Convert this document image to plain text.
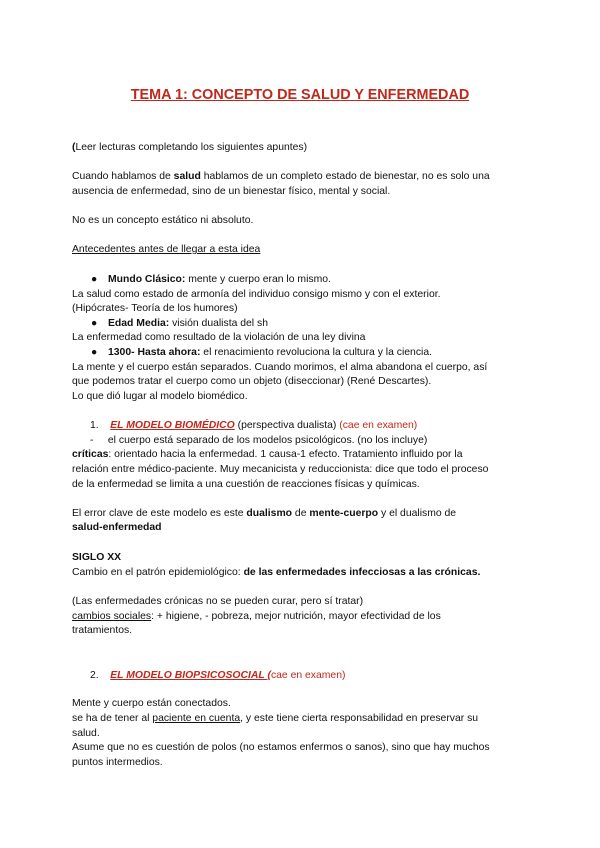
TEMA 1: CONCEPTO DE SALUD Y ENFERMEDAD
(Leer lecturas completando los siguientes apuntes)
Cuando hablamos de salud hablamos de un completo estado de bienestar, no es solo una
ausencia de enfermedad, sino de un bienestar físico, mental y social.
No es un concepto estático ni absoluto.
Antecedentes antes de llegar a esta idea
● Mundo Clásico: mente y cuerpo eran lo mismo.
La salud como estado de armonía del individuo consigo mismo y con el exterior.
(Hipócrates- Teoría de los humores)
● Edad Media: visión dualista del sh
La enfermedad como resultado de la violación de una ley divina
● 1300- Hasta ahora: el renacimiento revoluciona la cultura y la ciencia.
La mente y el cuerpo están separados. Cuando morimos, el alma abandona el cuerpo, así
que podemos tratar el cuerpo como un objeto (diseccionar) (René Descartes).
Lo que dió lugar al modelo biomédico.
1. EL MODELO BIOMÉDICO (perspectiva dualista) (cae en examen)
- el cuerpo está separado de los modelos psicológicos. (no los incluye)
críticas: orientado hacia la enfermedad. 1 causa-1 efecto. Tratamiento influido por la
relación entre médico-paciente. Muy mecanicista y reduccionista: dice que todo el proceso
de la enfermedad se limita a una cuestión de reacciones físicas y químicas.
El error clave de este modelo es este dualismo de mente-cuerpo y el dualismo de
salud-enfermedad
SIGLO XX
Cambio en el patrón epidemiológico: de las enfermedades infecciosas a las crónicas.
(Las enfermedades crónicas no se pueden curar, pero sí tratar)
cambios sociales: + higiene, - pobreza, mejor nutrición, mayor efectividad de los
tratamientos.
2. EL MODELO BIOPSICOSOCIAL (cae en examen)
Mente y cuerpo están conectados.
se ha de tener al paciente en cuenta, y este tiene cierta responsabilidad en preservar su
salud.
Asume que no es cuestión de polos (no estamos enfermos o sanos), sino que hay muchos
puntos intermedios.
